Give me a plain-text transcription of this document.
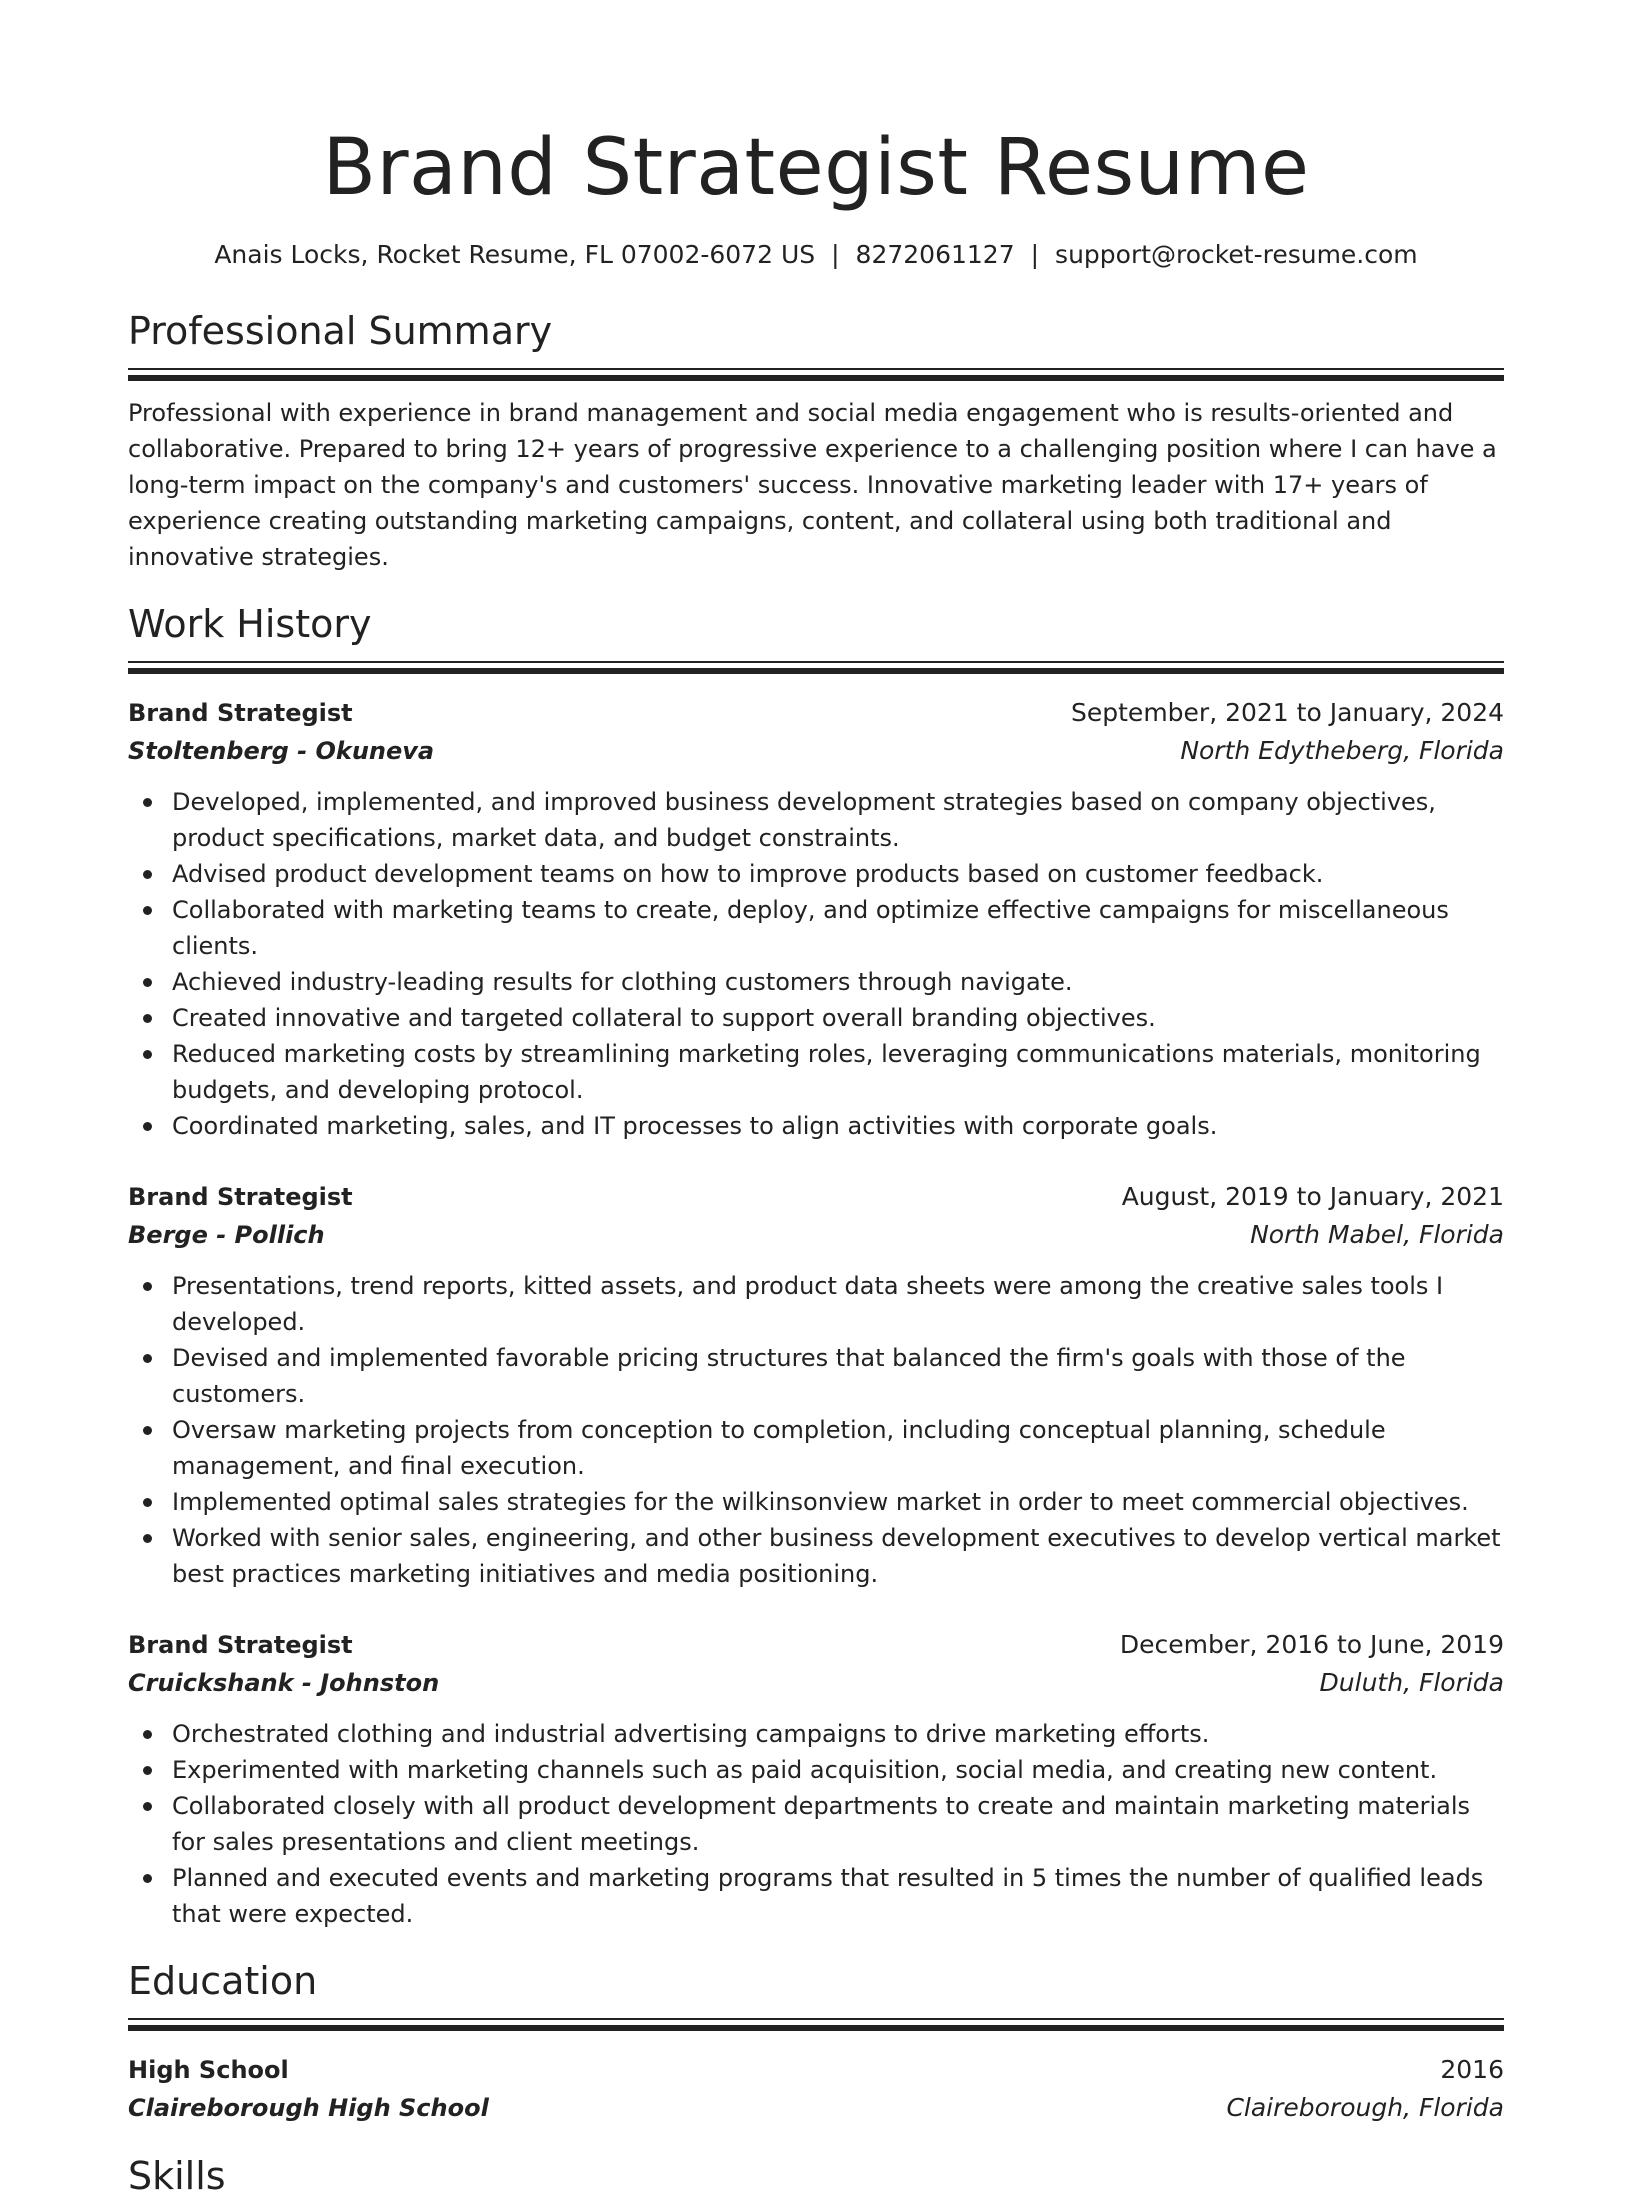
Brand Strategist Resume
Anais Locks, Rocket Resume, FL 07002-6072 US | 8272061127 | support@rocket-resume.com
Professional Summary

Professional with experience in brand management and social media engagement who is results-oriented and collaborative. Prepared to bring 12+ years of progressive experience to a challenging position where I can have a long-term impact on the company's and customers' success. Innovative marketing leader with 17+ years of experience creating outstanding marketing campaigns, content, and collateral using both traditional and innovative strategies.

Work History
Brand Strategist	September, 2021 to January, 2024
Stoltenberg - Okuneva	North Edytheberg, Florida
Developed, implemented, and improved business development strategies based on company objectives, product specifications, market data, and budget constraints.
Advised product development teams on how to improve products based on customer feedback.
Collaborated with marketing teams to create, deploy, and optimize effective campaigns for miscellaneous clients.
Achieved industry-leading results for clothing customers through navigate.
Created innovative and targeted collateral to support overall branding objectives.
Reduced marketing costs by streamlining marketing roles, leveraging communications materials, monitoring budgets, and developing protocol.
Coordinated marketing, sales, and IT processes to align activities with corporate goals.
Brand Strategist	August, 2019 to January, 2021
Berge - Pollich	North Mabel, Florida
Presentations, trend reports, kitted assets, and product data sheets were among the creative sales tools I developed.
Devised and implemented favorable pricing structures that balanced the firm's goals with those of the customers.
Oversaw marketing projects from conception to completion, including conceptual planning, schedule management, and final execution.
Implemented optimal sales strategies for the wilkinsonview market in order to meet commercial objectives.
Worked with senior sales, engineering, and other business development executives to develop vertical market best practices marketing initiatives and media positioning.
Brand Strategist	December, 2016 to June, 2019
Cruickshank - Johnston	Duluth, Florida
Orchestrated clothing and industrial advertising campaigns to drive marketing efforts.
Experimented with marketing channels such as paid acquisition, social media, and creating new content.
Collaborated closely with all product development departments to create and maintain marketing materials for sales presentations and client meetings.
Planned and executed events and marketing programs that resulted in 5 times the number of qualified leads that were expected.
Education
High School	2016
Claireborough High School	Claireborough, Florida
Skills
